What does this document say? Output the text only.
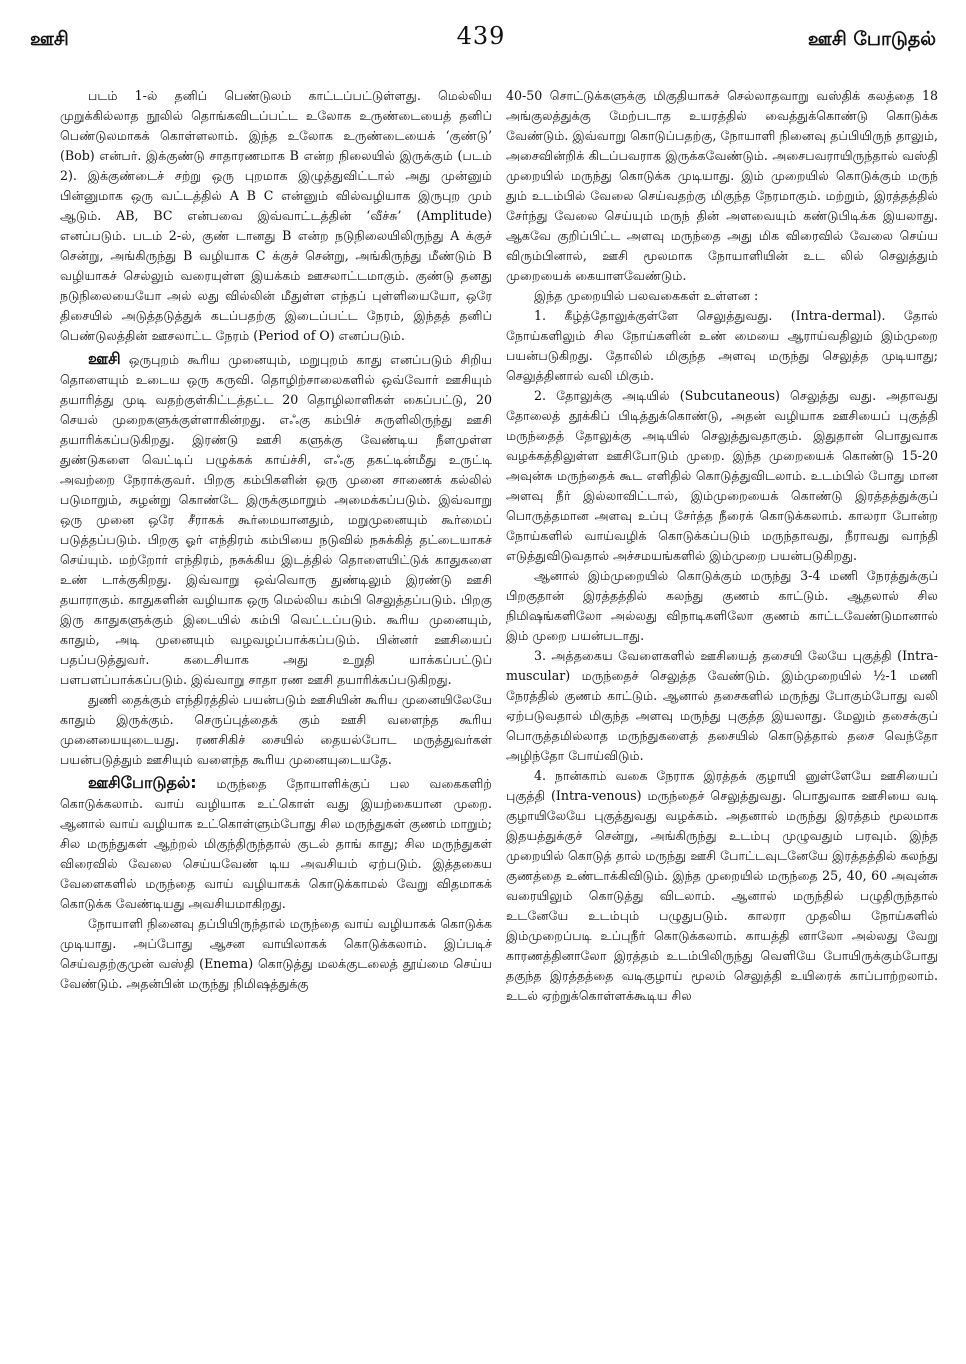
ஊசி	439	ஊசி போடுதல்

படம் 1-ல் தனிப் பெண்டுலம் காட்டப்பட்டுள்ளது. மெல்லிய முறுக்கில்லாத நூலில் தொங்கவிடப்பட்ட உலோக உருண்டையைத் தனிப் பெண்டுலமாகக் கொள்ளலாம். இந்த உலோக உருண்டையைக் ‘குண்டு’ (Bob) என்பர். இக்குண்டு சாதாரணமாக B என்ற நிலையில் இருக்கும் (படம் 2). இக்குண்டைச் சற்று ஒரு புறமாக இழுத்துவிட்டால் அது முன்னும் பின்னுமாக ஒரு வட்டத்தில் A B C என்னும் வில்வழியாக இருபுற மும் ஆடும். AB, BC என்பவை இவ்வாட்டத்தின் ‘வீச்சு’ (Amplitude) எனப்படும். படம் 2-ல், குண் டானது B என்ற நடுநிலையிலிருந்து A க்குச் சென்று, அங்கிருந்து B வழியாக C க்குச் சென்று, அங்கிருந்து மீண்டும் B வழியாகச் செல்லும் வரையுள்ள இயக்கம் ஊசலாட்டமாகும். குண்டு தனது நடுநிலையையோ அல் லது வில்லின் மீதுள்ள எந்தப் புள்ளியையோ, ஒரே திசையில் அடுத்தடுத்துக் கடப்பதற்கு இடைப்பட்ட நேரம், இந்தத் தனிப் பெண்டுலத்தின் ஊசலாட்ட நேரம் (Period of O) எனப்படும்.

ஊசி ஒருபுறம் கூரிய முனையும், மறுபுறம் காது எனப்படும் சிறிய தொளையும் உடைய ஒரு கருவி. தொழிற்சாலைகளில் ஒவ்வோர் ஊசியும் தயாரித்து முடி வதற்குள்கிட்டத்தட்ட 20 தொழிலாளிகள் கைப்பட்டு, 20 செயல் முறைகளுக்குள்ளாகின்றது. எஃகு கம்பிச் சுருளிலிருந்து ஊசி தயாரிக்கப்படுகிறது. இரண்டு ஊசி களுக்கு வேண்டிய நீளமுள்ள துண்டுகளை வெட்டிப் பழுக்கக் காய்ச்சி, எஃகு தகட்டின்மீது உருட்டி அவற்றை நேராக்குவர். பிறகு கம்பிகளின் ஒரு முனை சாணைக் கல்லில் படுமாறும், சுழன்று கொண்டே இருக்குமாறும் அமைக்கப்படும். இவ்வாறு ஒரு முனை ஒரே சீராகக் கூர்மையானதும், மறுமுனையும் கூர்மைப் படுத்தப்படும். பிறகு ஓர் எந்திரம் கம்பியை நடுவில் நசுக்கித் தட்டையாகச் செய்யும். மற்றோர் எந்திரம், நசுக்கிய இடத்தில் தொளையிட்டுக் காதுகளை உண் டாக்குகிறது. இவ்வாறு ஒவ்வொரு துண்டிலும் இரண்டு ஊசி தயாராகும். காதுகளின் வழியாக ஒரு மெல்லிய கம்பி செலுத்தப்படும். பிறகு இரு காதுகளுக்கும் இடையில் கம்பி வெட்டப்படும். கூரிய முனையும், காதும், அடி முனையும் வழவழப்பாக்கப்படும். பின்னர் ஊசியைப் பதப்படுத்துவர். கடைசியாக அது உறுதி யாக்கப்பட்டுப் பளபளப்பாக்கப்படும். இவ்வாறு சாதா ரண ஊசி தயாரிக்கப்படுகிறது.

துணி தைக்கும் எந்திரத்தில் பயன்படும் ஊசியின் கூரிய முனையிலேயே காதும் இருக்கும். செருப்புத்தைக் கும் ஊசி வளைந்த கூரிய முனையையுடையது. ரணசிகிச் சையில் தையல்போட மருத்துவர்கள் பயன்படுத்தும் ஊசியும் வளைந்த கூரிய முனையுடையதே.

ஊசிபோடுதல்: மருந்தை நோயாளிக்குப் பல வகைகளிற் கொடுக்கலாம். வாய் வழியாக உட்கொள் வது இயற்கையான முறை. ஆனால் வாய் வழியாக உட்கொள்ளும்போது சில மருந்துகள் குணம் மாறும்; சில மருந்துகள் ஆற்றல் மிகுந்திருந்தால் குடல் தாங் காது; சில மருந்துகள் விரைவில் வேலை செய்யவேண் டிய அவசியம் ஏற்படும். இத்தகைய வேளைகளில் மருந்தை வாய் வழியாகக் கொடுக்காமல் வேறு விதமாகக் கொடுக்க வேண்டியது அவசியமாகிறது.

நோயாளி நினைவு தப்பியிருந்தால் மருந்தை வாய் வழியாகக் கொடுக்க முடியாது. அப்போது ஆசன வாயிலாகக் கொடுக்கலாம். இப்படிச் செய்வதற்குமுன் வஸ்தி (Enema) கொடுத்து மலக்குடலைத் தூய்மை செய்ய வேண்டும். அதன்பின் மருந்து நிமிஷத்துக்கு

40-50 சொட்டுக்களுக்கு மிகுதியாகச் செல்லாதவாறு வஸ்திக் கலத்தை 18 அங்குலத்துக்கு மேற்படாத உயரத்தில் வைத்துக்கொண்டு கொடுக்க வேண்டும். இவ்வாறு கொடுப்பதற்கு, நோயாளி நினைவு தப்பியிருந் தாலும், அசைவின்றிக் கிடப்பவராக இருக்கவேண்டும். அசைபவராயிருந்தால் வஸ்தி முறையில் மருந்து கொடுக்க முடியாது. இம் முறையில் கொடுக்கும் மருந் தும் உடம்பில் வேலை செய்வதற்கு மிகுந்த நேரமாகும். மற்றும், இரத்தத்தில் சேர்ந்து வேலை செய்யும் மருந் தின் அளவையும் கண்டுபிடிக்க இயலாது. ஆகவே குறிப்பிட்ட அளவு மருந்தை அது மிக விரைவில் வேலை செய்ய விரும்பினால், ஊசி மூலமாக நோயாளியின் உட லில் செலுத்தும் முறையைக் கையாளவேண்டும்.

இந்த முறையில் பலவகைகள் உள்ளன :

1. கீழ்த்தோலுக்குள்ளே செலுத்துவது. (Intra-dermal). தோல் நோய்களிலும் சில நோய்களின் உண் மையை ஆராய்வதிலும் இம்முறை பயன்படுகிறது. தோலில் மிகுந்த அளவு மருந்து செலுத்த முடியாது; செலுத்தினால் வலி மிகும்.

2. தோலுக்கு அடியில் (Subcutaneous) செலுத்து வது. அதாவது தோலைத் தூக்கிப் பிடித்துக்கொண்டு, அதன் வழியாக ஊசியைப் புகுத்தி மருந்தைத் தோலுக்கு அடியில் செலுத்துவதாகும். இதுதான் பொதுவாக வழக்கத்திலுள்ள ஊசிபோடும் முறை. இந்த முறையைக் கொண்டு 15-20 அவுன்சு மருந்தைக் கூட எளிதில் கொடுத்துவிடலாம். உடம்பில் போது மான அளவு நீர் இல்லாவிட்டால், இம்முறையைக் கொண்டு இரத்தத்துக்குப் பொருத்தமான அளவு உப்பு சேர்த்த நீரைக் கொடுக்கலாம். காலரா போன்ற நோய்களில் வாய்வழிக் கொடுக்கப்படும் மருந்தாவது, நீராவது வாந்தி எடுத்துவிடுவதால் அச்சமயங்களில் இம்முறை பயன்படுகிறது.

ஆனால் இம்முறையில் கொடுக்கும் மருந்து 3-4 மணி நேரத்துக்குப் பிறகுதான் இரத்தத்தில் கலந்து குணம் காட்டும். ஆதலால் சில நிமிஷங்களிலோ அல்லது விநாடிகளிலோ குணம் காட்டவேண்டுமானால் இம் முறை பயன்படாது.

3. அத்தகைய வேளைகளில் ஊசியைத் தசையி லேயே புகுத்தி (Intra-muscular) மருந்தைச் செலுத்த வேண்டும். இம்முறையில் ½-1 மணி நேரத்தில் குணம் காட்டும். ஆனால் தசைகளில் மருந்து போகும்போது வலி ஏற்படுவதால் மிகுந்த அளவு மருந்து புகுத்த இயலாது. மேலும் தசைக்குப் பொருத்தமில்லாத மருந்துகளைத் தசையில் கொடுத்தால் தசை வெந்தோ அழிந்தோ போய்விடும்.

4. நான்காம் வகை நேராக இரத்தக் குழாயி னுள்ளேயே ஊசியைப் புகுத்தி (Intra-venous) மருந்தைச் செலுத்துவது. பொதுவாக ஊசியை வடி குழாயிலேயே புகுத்துவது வழக்கம். அதனால் மருந்து இரத்தம் மூலமாக இதயத்துக்குச் சென்று, அங்கிருந்து உடம்பு முழுவதும் பரவும். இந்த முறையில் கொடுத் தால் மருந்து ஊசி போட்டவுடனேயே இரத்தத்தில் கலந்து குணத்தை உண்டாக்கிவிடும். இந்த முறையில் மருந்தை 25, 40, 60 அவுன்சு வரையிலும் கொடுத்து விடலாம். ஆனால் மருந்தில் பழுதிருந்தால் உடனேயே உடம்பும் பழுதுபடும். காலரா முதலிய நோய்களில் இம்முறைப்படி உப்புநீர் கொடுக்கலாம். காயத்தி னாலோ அல்லது வேறு காரணத்தினாலோ இரத்தம் உடம்பிலிருந்து வெளியே போயிருக்கும்போது தகுந்த இரத்தத்தை வடிகுழாய் மூலம் செலுத்தி உயிரைக் காப்பாற்றலாம். உடல் ஏற்றுக்கொள்ளக்கூடிய சில
